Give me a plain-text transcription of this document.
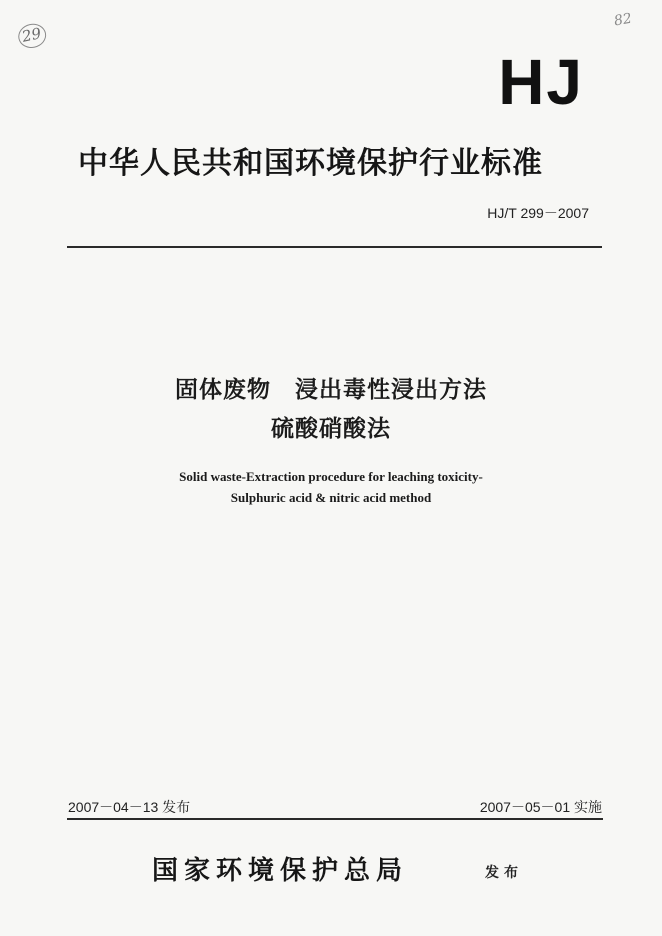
29
82
HJ
中华人民共和国环境保护行业标准
HJ/T 299－2007
固体废物　浸出毒性浸出方法
硫酸硝酸法
Solid waste-Extraction procedure for leaching toxicity-
Sulphuric acid & nitric acid method
2007－04－13 发布	2007－05－01 实施
国家环境保护总局	发布
